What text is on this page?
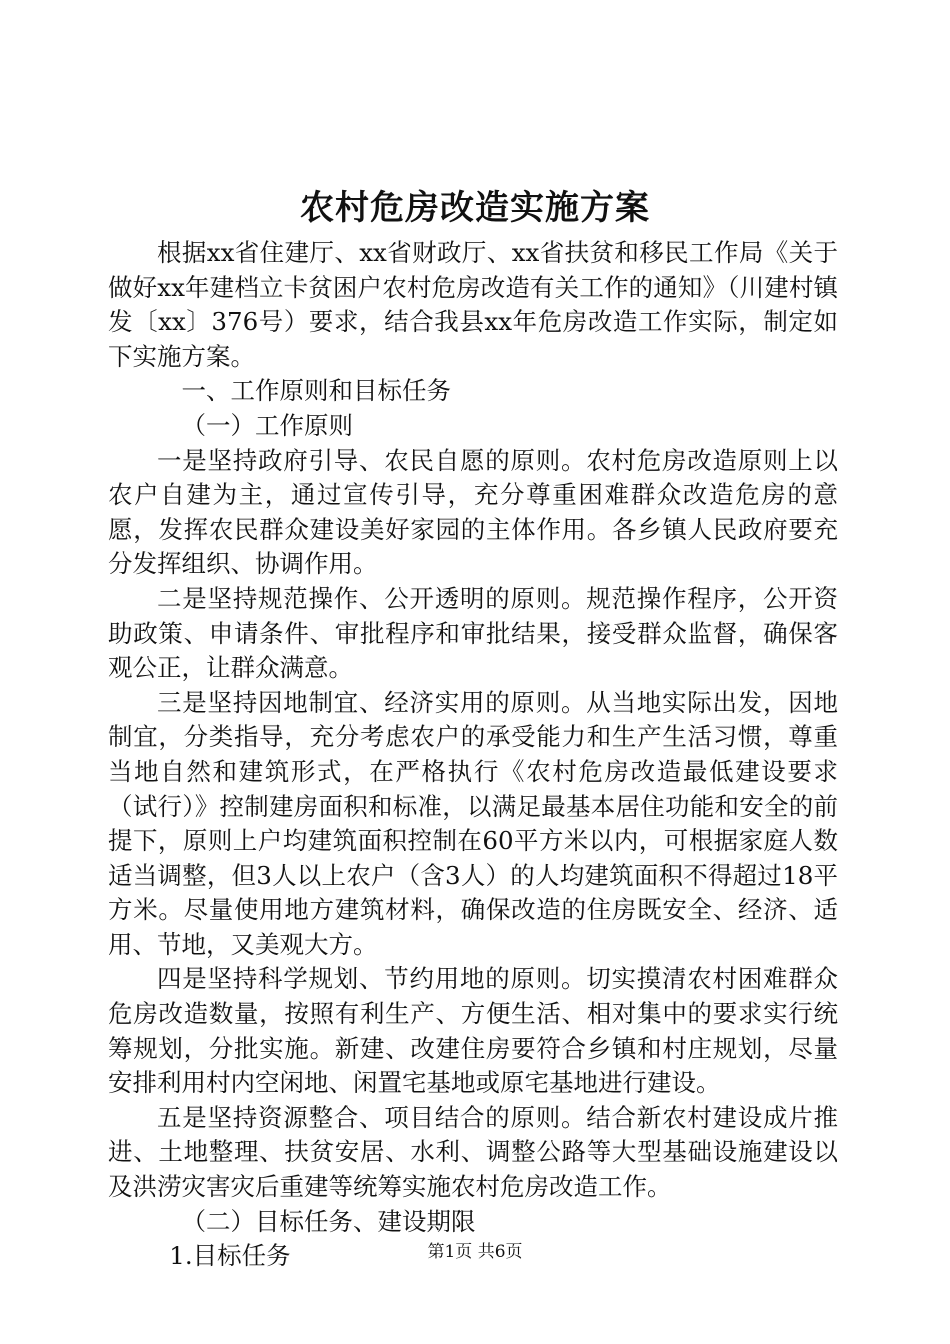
农村危房改造实施方案

根据xx省住建厅、xx省财政厅、xx省扶贫和移民工作局《关于做好xx年建档立卡贫困户农村危房改造有关工作的通知》（川建村镇发〔xx〕376号）要求，结合我县xx年危房改造工作实际，制定如下实施方案。

一、工作原则和目标任务

（一）工作原则

一是坚持政府引导、农民自愿的原则。农村危房改造原则上以农户自建为主，通过宣传引导，充分尊重困难群众改造危房的意愿，发挥农民群众建设美好家园的主体作用。各乡镇人民政府要充分发挥组织、协调作用。

二是坚持规范操作、公开透明的原则。规范操作程序，公开资助政策、申请条件、审批程序和审批结果，接受群众监督，确保客观公正，让群众满意。

三是坚持因地制宜、经济实用的原则。从当地实际出发，因地制宜，分类指导，充分考虑农户的承受能力和生产生活习惯，尊重当地自然和建筑形式，在严格执行《农村危房改造最低建设要求（试行）》控制建房面积和标准，以满足最基本居住功能和安全的前提下，原则上户均建筑面积控制在60平方米以内，可根据家庭人数适当调整，但3人以上农户（含3人）的人均建筑面积不得超过18平方米。尽量使用地方建筑材料，确保改造的住房既安全、经济、适用、节地，又美观大方。

四是坚持科学规划、节约用地的原则。切实摸清农村困难群众危房改造数量，按照有利生产、方便生活、相对集中的要求实行统筹规划，分批实施。新建、改建住房要符合乡镇和村庄规划，尽量安排利用村内空闲地、闲置宅基地或原宅基地进行建设。

五是坚持资源整合、项目结合的原则。结合新农村建设成片推进、土地整理、扶贫安居、水利、调整公路等大型基础设施建设以及洪涝灾害灾后重建等统筹实施农村危房改造工作。

（二）目标任务、建设期限

1.目标任务	第1页 共6页
